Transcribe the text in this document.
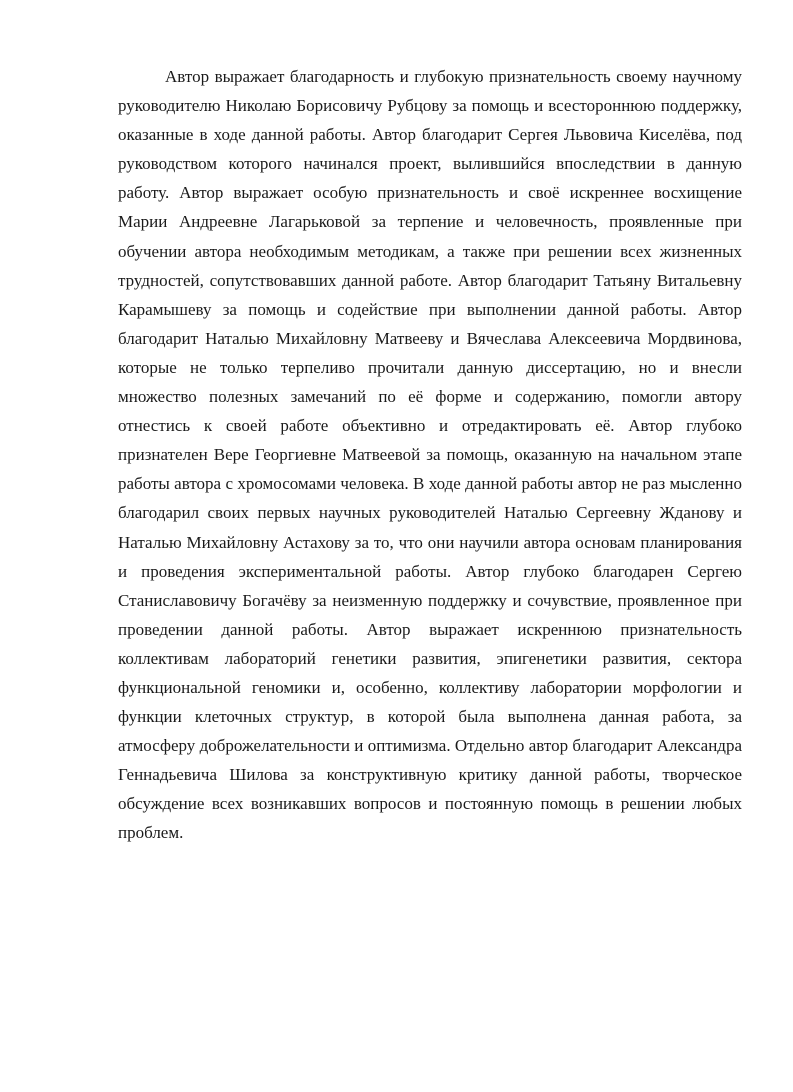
Автор выражает благодарность и глубокую признательность своему научному руководителю Николаю Борисовичу Рубцову за помощь и всестороннюю поддержку, оказанные в ходе данной работы. Автор благодарит Сергея Львовича Киселёва, под руководством которого начинался проект, вылившийся впоследствии в данную работу. Автор выражает особую признательность и своё искреннее восхищение Марии Андреевне Лагарьковой за терпение и человечность, проявленные при обучении автора необходимым методикам, а также при решении всех жизненных трудностей, сопутствовавших данной работе. Автор благодарит Татьяну Витальевну Карамышеву за помощь и содействие при выполнении данной работы. Автор благодарит Наталью Михайловну Матвееву и Вячеслава Алексеевича Мордвинова, которые не только терпеливо прочитали данную диссертацию, но и внесли множество полезных замечаний по её форме и содержанию, помогли автору отнестись к своей работе объективно и отредактировать её. Автор глубоко признателен Вере Георгиевне Матвеевой за помощь, оказанную на начальном этапе работы автора с хромосомами человека. В ходе данной работы автор не раз мысленно благодарил своих первых научных руководителей Наталью Сергеевну Жданову и Наталью Михайловну Астахову за то, что они научили автора основам планирования и проведения экспериментальной работы. Автор глубоко благодарен Сергею Станиславовичу Богачёву за неизменную поддержку и сочувствие, проявленное при проведении данной работы. Автор выражает искреннюю признательность коллективам лабораторий генетики развития, эпигенетики развития, сектора функциональной геномики и, особенно, коллективу лаборатории морфологии и функции клеточных структур, в которой была выполнена данная работа, за атмосферу доброжелательности и оптимизма. Отдельно автор благодарит Александра Геннадьевича Шилова за конструктивную критику данной работы, творческое обсуждение всех возникавших вопросов и постоянную помощь в решении любых проблем.
